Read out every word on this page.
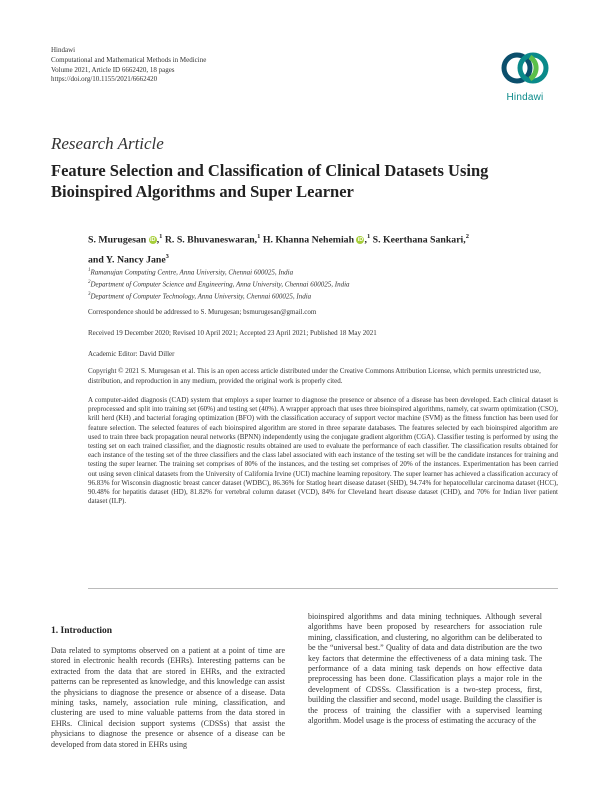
Hindawi
Computational and Mathematical Methods in Medicine
Volume 2021, Article ID 6662420, 18 pages
https://doi.org/10.1155/2021/6662420
Hindawi
Research Article
Feature Selection and Classification of Clinical Datasets Using Bioinspired Algorithms and Super Learner
S. Murugesan iD,$^1$ R. S. Bhuvaneswaran,$^1$ H. Khanna Nehemiah iD,$^1$ S. Keerthana Sankari,$^2$
and Y. Nancy Jane$^3$
$^1$Ramanujan Computing Centre, Anna University, Chennai 600025, India
$^2$Department of Computer Science and Engineering, Anna University, Chennai 600025, India
$^3$Department of Computer Technology, Anna University, Chennai 600025, India
Correspondence should be addressed to S. Murugesan; bsmurugesan@gmail.com
Received 19 December 2020; Revised 10 April 2021; Accepted 23 April 2021; Published 18 May 2021
Academic Editor: David Diller
Copyright © 2021 S. Murugesan et al. This is an open access article distributed under the Creative Commons Attribution License, which permits unrestricted use, distribution, and reproduction in any medium, provided the original work is properly cited.
A computer-aided diagnosis (CAD) system that employs a super learner to diagnose the presence or absence of a disease has been developed. Each clinical dataset is preprocessed and split into training set (60%) and testing set (40%). A wrapper approach that uses three bioinspired algorithms, namely, cat swarm optimization (CSO), krill herd (KH) ,and bacterial foraging optimization (BFO) with the classification accuracy of support vector machine (SVM) as the fitness function has been used for feature selection. The selected features of each bioinspired algorithm are stored in three separate databases. The features selected by each bioinspired algorithm are used to train three back propagation neural networks (BPNN) independently using the conjugate gradient algorithm (CGA). Classifier testing is performed by using the testing set on each trained classifier, and the diagnostic results obtained are used to evaluate the performance of each classifier. The classification results obtained for each instance of the testing set of the three classifiers and the class label associated with each instance of the testing set will be the candidate instances for training and testing the super learner. The training set comprises of 80% of the instances, and the testing set comprises of 20% of the instances. Experimentation has been carried out using seven clinical datasets from the University of California Irvine (UCI) machine learning repository. The super learner has achieved a classification accuracy of 96.83% for Wisconsin diagnostic breast cancer dataset (WDBC), 86.36% for Statlog heart disease dataset (SHD), 94.74% for hepatocellular carcinoma dataset (HCC), 90.48% for hepatitis dataset (HD), 81.82% for vertebral column dataset (VCD), 84% for Cleveland heart disease dataset (CHD), and 70% for Indian liver patient dataset (ILP).
1. Introduction
Data related to symptoms observed on a patient at a point of time are stored in electronic health records (EHRs). Interesting patterns can be extracted from the data that are stored in EHRs, and the extracted patterns can be represented as knowledge, and this knowledge can assist the physicians to diagnose the presence or absence of a disease. Data mining tasks, namely, association rule mining, classification, and clustering are used to mine valuable patterns from the data stored in EHRs. Clinical decision support systems (CDSSs) that assist the physicians to diagnose the presence or absence of a disease can be developed from data stored in EHRs using
bioinspired algorithms and data mining techniques. Although several algorithms have been proposed by researchers for association rule mining, classification, and clustering, no algorithm can be deliberated to be the “universal best.” Quality of data and data distribution are the two key factors that determine the effectiveness of a data mining task. The performance of a data mining task depends on how effective data preprocessing has been done. Classification plays a major role in the development of CDSSs. Classification is a two-step process, first, building the classifier and second, model usage. Building the classifier is the process of training the classifier with a supervised learning algorithm. Model usage is the process of estimating the accuracy of the
